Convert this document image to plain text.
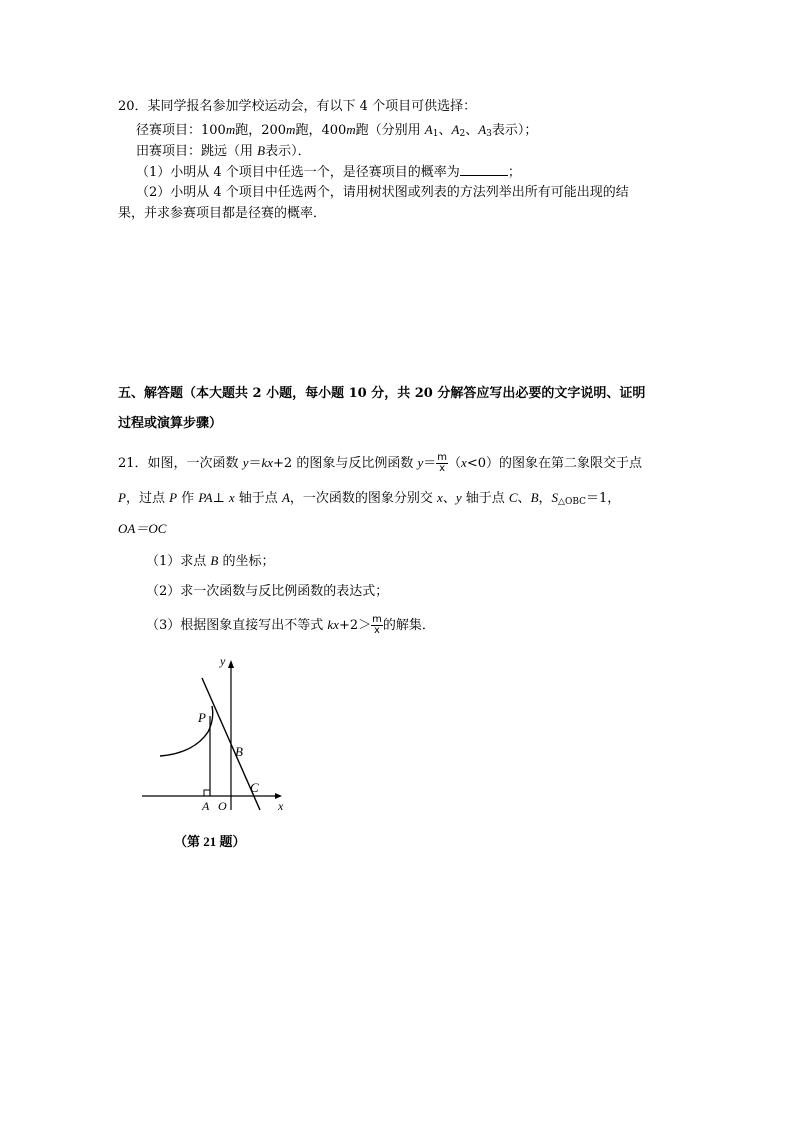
20．某同学报名参加学校运动会，有以下 4 个项目可供选择：
径赛项目：100m跑，200m跑，400m跑（分别用 $A_1$、$A_2$、$A_3$表示）；
田赛项目：跳远（用 B表示）．
（1）小明从 4 个项目中任选一个，是径赛项目的概率为	；
（2）小明从 4 个项目中任选两个，请用树状图或列表的方法列举出所有可能出现的结
果，并求参赛项目都是径赛的概率．
五、解答题（本大题共 2 小题，每小题 10 分，共 20 分解答应写出必要的文字说明、证明
过程或演算步骤）
21．如图，一次函数 y＝kx+2 的图象与反比例函数 $y= \frac{m}{x} (x<0)$的图象在第二象限交于点
P，过点 P 作 PA⊥ x 轴于点 A，一次函数的图象分别交 x、y 轴于点 C、B，$S_{\triangle OBC}=1$，
OA＝OC
（1）求点 B 的坐标；
（2）求一次函数与反比例函数的表达式；
（3）根据图象直接写出不等式 $kx+2> \frac{m}{x}$ 的解集．
y
x
P
B
C
A O
（第 21 题）
